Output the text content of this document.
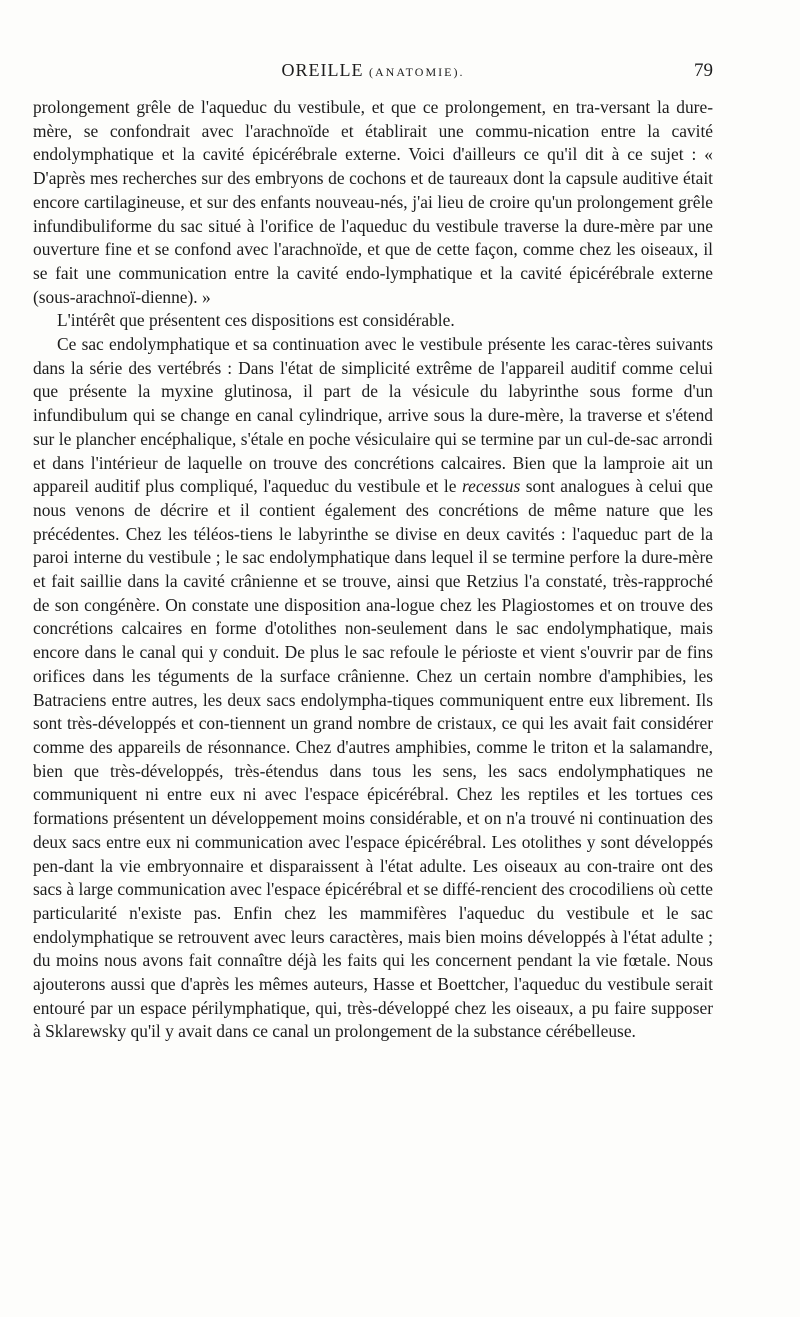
OREILLE (ANATOMIE).	79

prolongement grêle de l'aqueduc du vestibule, et que ce prolongement, en tra-versant la dure-mère, se confondrait avec l'arachnoïde et établirait une commu-nication entre la cavité endolymphatique et la cavité épicérébrale externe. Voici d'ailleurs ce qu'il dit à ce sujet : « D'après mes recherches sur des embryons de cochons et de taureaux dont la capsule auditive était encore cartilagineuse, et sur des enfants nouveau-nés, j'ai lieu de croire qu'un prolongement grêle infundibuliforme du sac situé à l'orifice de l'aqueduc du vestibule traverse la dure-mère par une ouverture fine et se confond avec l'arachnoïde, et que de cette façon, comme chez les oiseaux, il se fait une communication entre la cavité endo-lymphatique et la cavité épicérébrale externe (sous-arachnoï-dienne). »

L'intérêt que présentent ces dispositions est considérable.

Ce sac endolymphatique et sa continuation avec le vestibule présente les carac-tères suivants dans la série des vertébrés : Dans l'état de simplicité extrême de l'appareil auditif comme celui que présente la myxine glutinosa, il part de la vésicule du labyrinthe sous forme d'un infundibulum qui se change en canal cylindrique, arrive sous la dure-mère, la traverse et s'étend sur le plancher encéphalique, s'étale en poche vésiculaire qui se termine par un cul-de-sac arrondi et dans l'intérieur de laquelle on trouve des concrétions calcaires. Bien que la lamproie ait un appareil auditif plus compliqué, l'aqueduc du vestibule et le recessus sont analogues à celui que nous venons de décrire et il contient également des concrétions de même nature que les précédentes. Chez les téléos-tiens le labyrinthe se divise en deux cavités : l'aqueduc part de la paroi interne du vestibule ; le sac endolymphatique dans lequel il se termine perfore la dure-mère et fait saillie dans la cavité crânienne et se trouve, ainsi que Retzius l'a constaté, très-rapproché de son congénère. On constate une disposition ana-logue chez les Plagiostomes et on trouve des concrétions calcaires en forme d'otolithes non-seulement dans le sac endolymphatique, mais encore dans le canal qui y conduit. De plus le sac refoule le périoste et vient s'ouvrir par de fins orifices dans les téguments de la surface crânienne. Chez un certain nombre d'amphibies, les Batraciens entre autres, les deux sacs endolympha-tiques communiquent entre eux librement. Ils sont très-développés et con-tiennent un grand nombre de cristaux, ce qui les avait fait considérer comme des appareils de résonnance. Chez d'autres amphibies, comme le triton et la salamandre, bien que très-développés, très-étendus dans tous les sens, les sacs endolymphatiques ne communiquent ni entre eux ni avec l'espace épicérébral. Chez les reptiles et les tortues ces formations présentent un développement moins considérable, et on n'a trouvé ni continuation des deux sacs entre eux ni communication avec l'espace épicérébral. Les otolithes y sont développés pen-dant la vie embryonnaire et disparaissent à l'état adulte. Les oiseaux au con-traire ont des sacs à large communication avec l'espace épicérébral et se diffé-rencient des crocodiliens où cette particularité n'existe pas. Enfin chez les mammifères l'aqueduc du vestibule et le sac endolymphatique se retrouvent avec leurs caractères, mais bien moins développés à l'état adulte ; du moins nous avons fait connaître déjà les faits qui les concernent pendant la vie fœtale. Nous ajouterons aussi que d'après les mêmes auteurs, Hasse et Boettcher, l'aqueduc du vestibule serait entouré par un espace périlymphatique, qui, très-développé chez les oiseaux, a pu faire supposer à Sklarewsky qu'il y avait dans ce canal un prolongement de la substance cérébelleuse.
